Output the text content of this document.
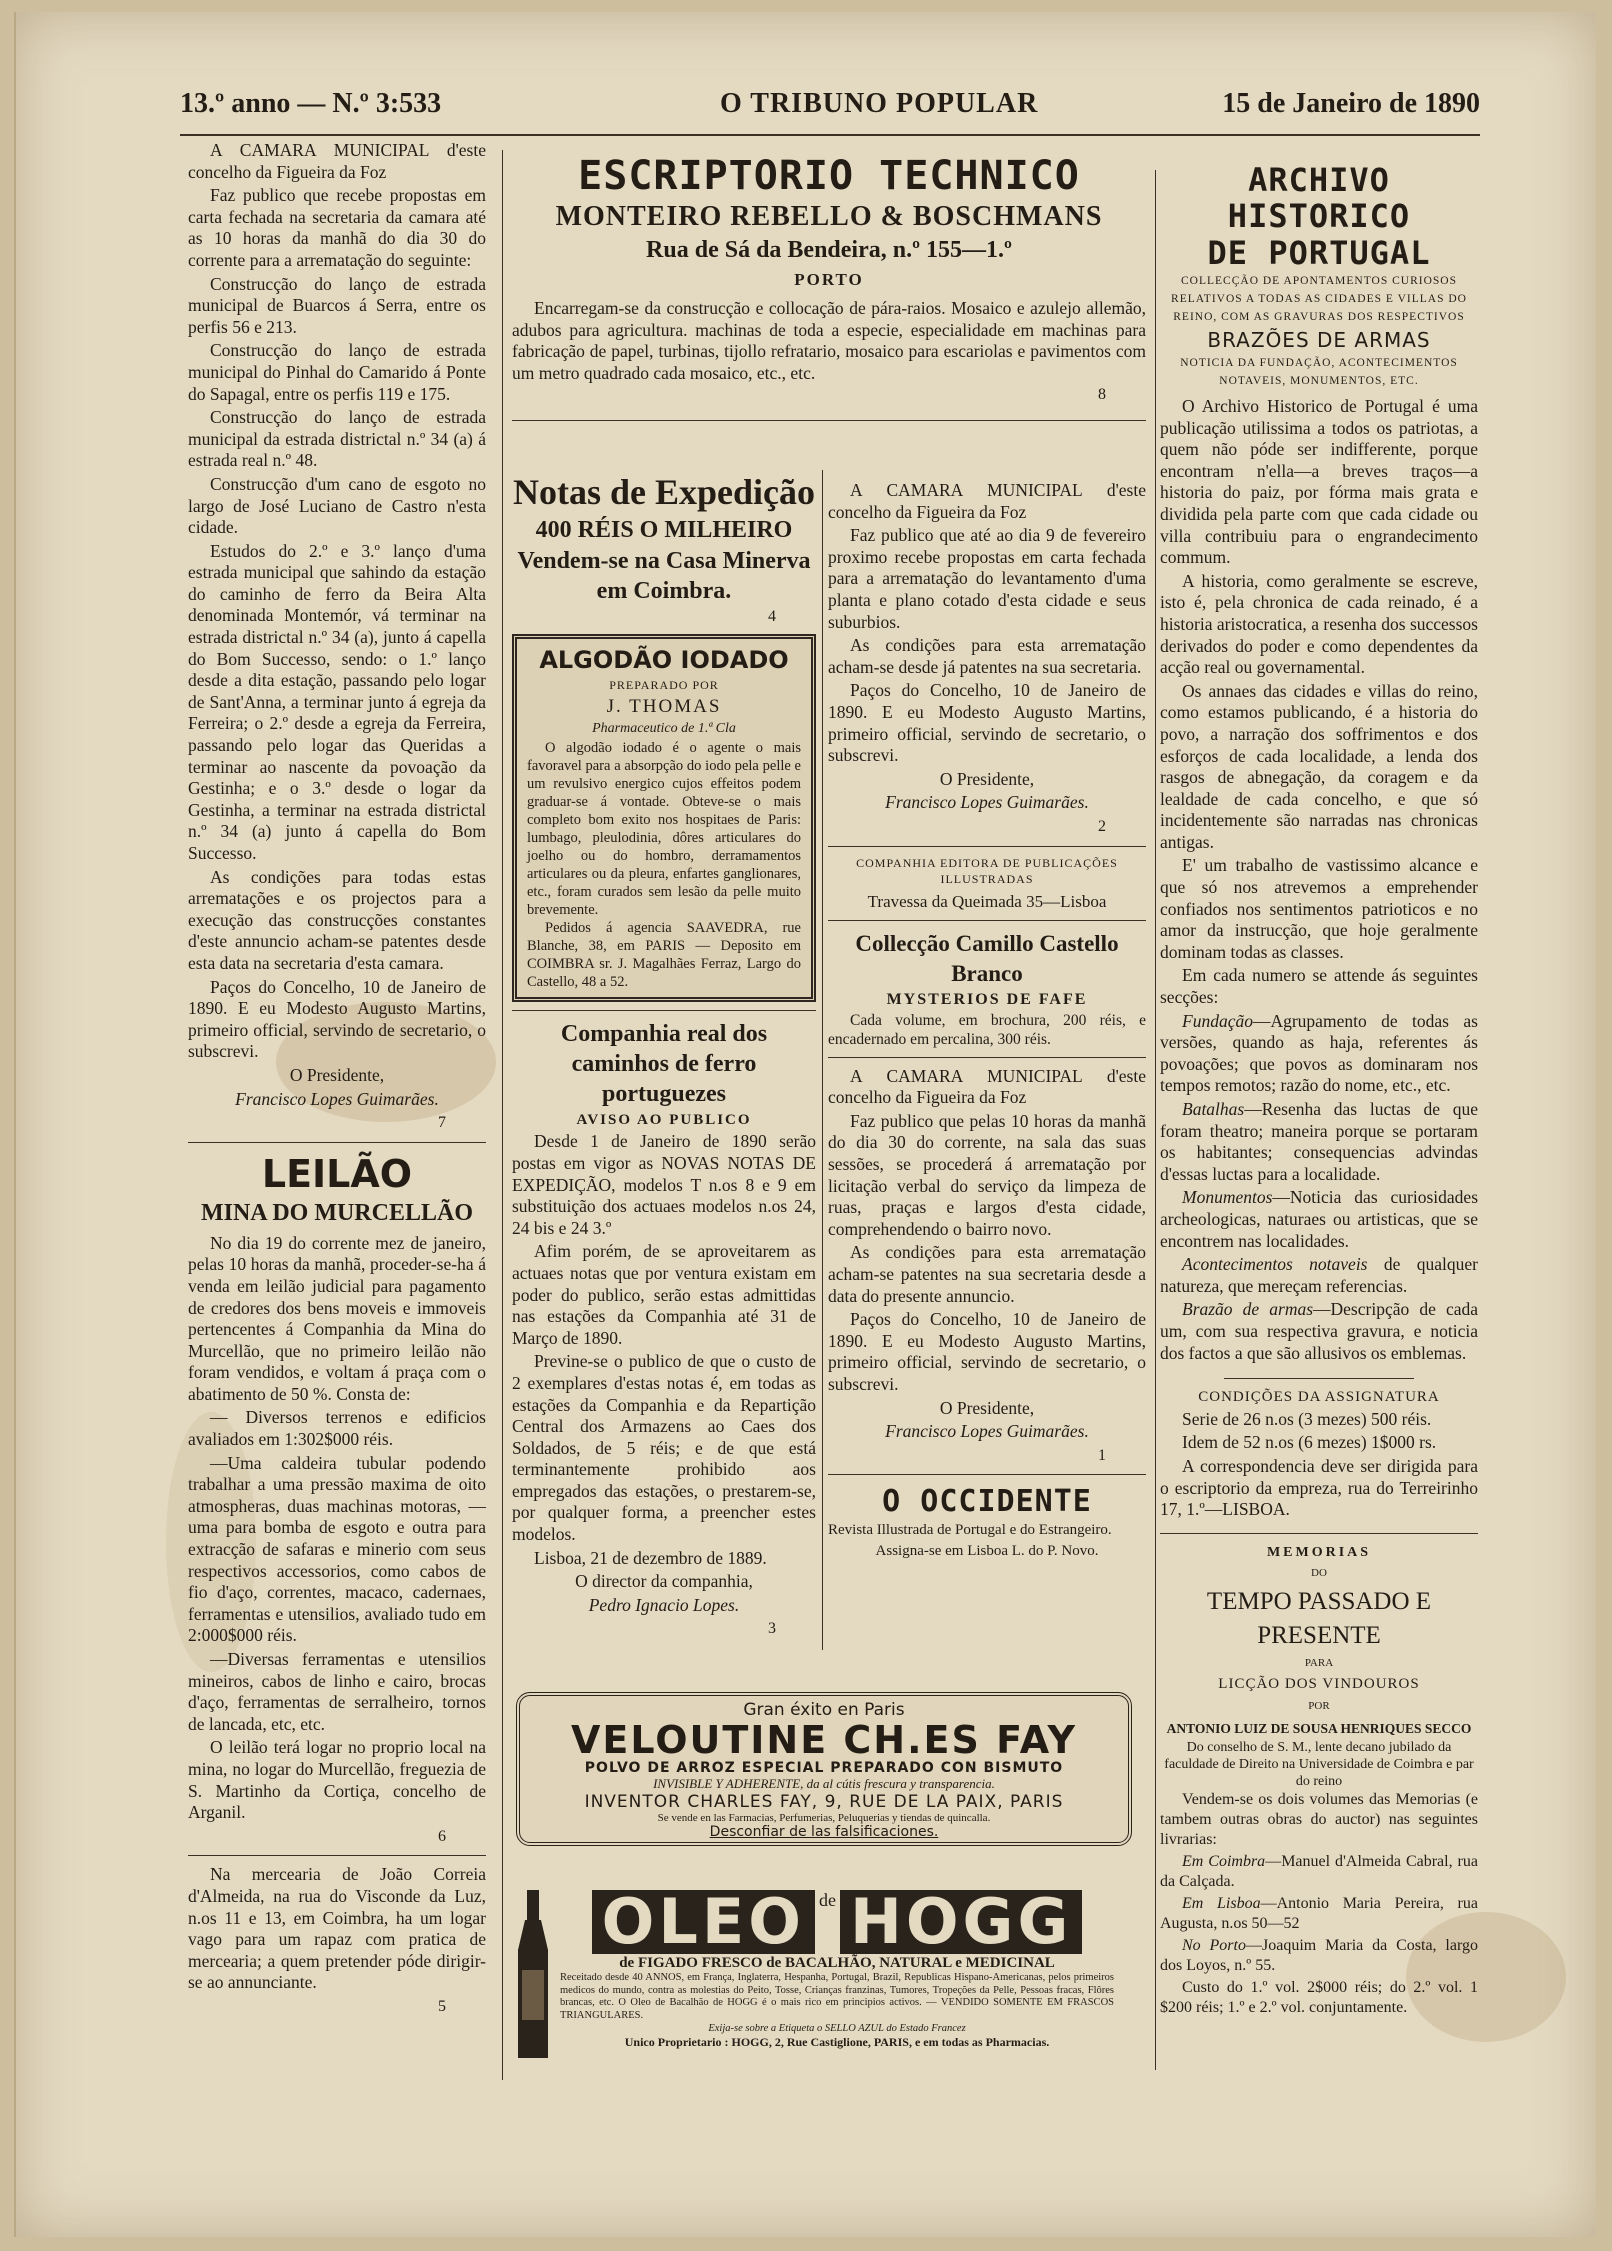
13.º anno — N.º 3:533	O TRIBUNO POPULAR	15 de Janeiro de 1890

A CAMARA MUNICIPAL d'este concelho da Figueira da Foz

Faz publico que recebe propostas em carta fechada na secretaria da camara até as 10 horas da manhã do dia 30 do corrente para a arrematação do seguinte:

Construcção do lanço de estrada municipal de Buarcos á Serra, entre os perfis 56 e 213.

Construcção do lanço de estrada municipal do Pinhal do Camarido á Ponte do Sapagal, entre os perfis 119 e 175.

Construcção do lanço de estrada municipal da estrada districtal n.º 34 (a) á estrada real n.º 48.

Construcção d'um cano de esgoto no largo de José Luciano de Castro n'esta cidade.

Estudos do 2.º e 3.º lanço d'uma estrada municipal que sahindo da estação do caminho de ferro da Beira Alta denominada Montemór, vá terminar na estrada districtal n.º 34 (a), junto á capella do Bom Successo, sendo: o 1.º lanço desde a dita estação, passando pelo logar de Sant'Anna, a terminar junto á egreja da Ferreira; o 2.º desde a egreja da Ferreira, passando pelo logar das Queridas a terminar ao nascente da povoação da Gestinha; e o 3.º desde o logar da Gestinha, a terminar na estrada districtal n.º 34 (a) junto á capella do Bom Successo.

As condições para todas estas arrematações e os projectos para a execução das construcções constantes d'este annuncio acham-se patentes desde esta data na secretaria d'esta camara.

Paços do Concelho, 10 de Janeiro de 1890. E eu Modesto Augusto Martins, primeiro official, servindo de secretario, o subscrevi.

O Presidente,

Francisco Lopes Guimarães.

7
LEILÃO
MINA DO MURCELLÃO

No dia 19 do corrente mez de janeiro, pelas 10 horas da manhã, proceder-se-ha á venda em leilão judicial para pagamento de credores dos bens moveis e immoveis pertencentes á Companhia da Mina do Murcellão, que no primeiro leilão não foram vendidos, e voltam á praça com o abatimento de 50 %. Consta de:

— Diversos terrenos e edificios avaliados em 1:302$000 réis.

—Uma caldeira tubular podendo trabalhar a uma pressão maxima de oito atmospheras, duas machinas motoras, —uma para bomba de esgoto e outra para extracção de safaras e minerio com seus respectivos accessorios, como cabos de fio d'aço, correntes, macaco, cadernaes, ferramentas e utensilios, avaliado tudo em 2:000$000 réis.

—Diversas ferramentas e utensilios mineiros, cabos de linho e cairo, brocas d'aço, ferramentas de serralheiro, tornos de lancada, etc, etc.

O leilão terá logar no proprio local na mina, no logar do Murcellão, freguezia de S. Martinho da Cortiça, concelho de Arganil.

6

Na mercearia de João Correia d'Almeida, na rua do Visconde da Luz, n.os 11 e 13, em Coimbra, ha um logar vago para um rapaz com pratica de mercearia; a quem pretender póde dirigir-se ao annunciante.

5
ESCRIPTORIO TECHNICO
MONTEIRO REBELLO & BOSCHMANS
Rua de Sá da Bendeira, n.º 155—1.º
PORTO

Encarregam-se da construcção e collocação de pára-raios. Mosaico e azulejo allemão, adubos para agricultura. machinas de toda a especie, especialidade em machinas para fabricação de papel, turbinas, tijollo refratario, mosaico para escariolas e pavimentos com um metro quadrado cada mosaico, etc., etc.

8
Notas de Expedição
400 RÉIS O MILHEIRO
Vendem-se na Casa Minerva em Coimbra.
4
ALGODÃO IODADO
PREPARADO POR
J. THOMAS
Pharmaceutico de 1.ª Cla
O algodão iodado é o agente o mais favoravel para a absorpção do iodo pela pelle e um revulsivo energico cujos effeitos podem graduar-se á vontade. Obteve-se o mais completo bom exito nos hospitaes de Paris: lumbago, pleulodinia, dôres articulares do joelho ou do hombro, derramamentos articulares ou da pleura, enfartes ganglionares, etc., foram curados sem lesão da pelle muito brevemente.
Pedidos á agencia SAAVEDRA, rue Blanche, 38, em PARIS — Deposito em COIMBRA sr. J. Magalhães Ferraz, Largo do Castello, 48 a 52.
Companhia real dos caminhos de ferro portuguezes
AVISO AO PUBLICO

Desde 1 de Janeiro de 1890 serão postas em vigor as NOVAS NOTAS DE EXPEDIÇÃO, modelos T n.os 8 e 9 em substituição dos actuaes modelos n.os 24, 24 bis e 24 3.º

Afim porém, de se aproveitarem as actuaes notas que por ventura existam em poder do publico, serão estas admittidas nas estações da Companhia até 31 de Março de 1890.

Previne-se o publico de que o custo de 2 exemplares d'estas notas é, em todas as estações da Companhia e da Repartição Central dos Armazens ao Caes dos Soldados, de 5 réis; e de que está terminantemente prohibido aos empregados das estações, o prestarem-se, por qualquer forma, a preencher estes modelos.

Lisboa, 21 de dezembro de 1889.

O director da companhia,

Pedro Ignacio Lopes.

3

A CAMARA MUNICIPAL d'este concelho da Figueira da Foz

Faz publico que até ao dia 9 de fevereiro proximo recebe propostas em carta fechada para a arrematação do levantamento d'uma planta e plano cotado d'esta cidade e seus suburbios.

As condições para esta arrematação acham-se desde já patentes na sua secretaria.

Paços do Concelho, 10 de Janeiro de 1890. E eu Modesto Augusto Martins, primeiro official, servindo de secretario, o subscrevi.

O Presidente,

Francisco Lopes Guimarães.

2
COMPANHIA EDITORA DE PUBLICAÇÕES ILLUSTRADAS
Travessa da Queimada 35—Lisboa
Collecção Camillo Castello Branco
MYSTERIOS DE FAFE

Cada volume, em brochura, 200 réis, e encadernado em percalina, 300 réis.

A CAMARA MUNICIPAL d'este concelho da Figueira da Foz

Faz publico que pelas 10 horas da manhã do dia 30 do corrente, na sala das suas sessões, se procederá á arrematação por licitação verbal do serviço da limpeza de ruas, praças e largos d'esta cidade, comprehendendo o bairro novo.

As condições para esta arrematação acham-se patentes na sua secretaria desde a data do presente annuncio.

Paços do Concelho, 10 de Janeiro de 1890. E eu Modesto Augusto Martins, primeiro official, servindo de secretario, o subscrevi.

O Presidente,

Francisco Lopes Guimarães.

1
O OCCIDENTE

Revista Illustrada de Portugal e do Estrangeiro.

Assigna-se em Lisboa L. do P. Novo.

Gran éxito en Paris
VELOUTINE CH.ES FAY
POLVO DE ARROZ ESPECIAL PREPARADO CON BISMUTO
INVISIBLE Y ADHERENTE, da al cútis frescura y transparencia.
INVENTOR CHARLES FAY, 9, RUE DE LA PAIX, PARIS
Se vende en las Farmacias, Perfumerias, Peluquerias y tiendas de quincalla.
Desconfiar de las falsificaciones.
OLEO de HOGG
de FIGADO FRESCO de BACALHÃO, NATURAL e MEDICINAL
Receitado desde 40 ANNOS, em França, Inglaterra, Hespanha, Portugal, Brazil, Republicas Hispano-Americanas, pelos primeiros medicos do mundo, contra as molestias do Peito, Tosse, Crianças franzinas, Tumores, Tropeções da Pelle, Pessoas fracas, Flôres brancas, etc. O Oleo de Bacalhão de HOGG é o mais rico em principios activos. — VENDIDO SOMENTE EM FRASCOS TRIANGULARES.
Exija-se sobre a Etiqueta o SELLO AZUL do Estado Francez
Unico Proprietario : HOGG, 2, Rue Castiglione, PARIS, e em todas as Pharmacias.
ARCHIVO HISTORICO
DE PORTUGAL
COLLECÇÃO DE APONTAMENTOS CURIOSOS RELATIVOS A TODAS AS CIDADES E VILLAS DO REINO, COM AS GRAVURAS DOS RESPECTIVOS
BRAZÕES DE ARMAS
NOTICIA DA FUNDAÇÃO, ACONTECIMENTOS NOTAVEIS, MONUMENTOS, ETC.

O Archivo Historico de Portugal é uma publicação utilissima a todos os patriotas, a quem não póde ser indifferente, porque encontram n'ella—a breves traços—a historia do paiz, por fórma mais grata e dividida pela parte com que cada cidade ou villa contribuiu para o engrandecimento commum.

A historia, como geralmente se escreve, isto é, pela chronica de cada reinado, é a historia aristocratica, a resenha dos successos derivados do poder e como dependentes da acção real ou governamental.

Os annaes das cidades e villas do reino, como estamos publicando, é a historia do povo, a narração dos soffrimentos e dos esforços de cada localidade, a lenda dos rasgos de abnegação, da coragem e da lealdade de cada concelho, e que só incidentemente são narradas nas chronicas antigas.

E' um trabalho de vastissimo alcance e que só nos atrevemos a emprehender confiados nos sentimentos patrioticos e no amor da instrucção, que hoje geralmente dominam todas as classes.

Em cada numero se attende ás seguintes secções:

Fundação—Agrupamento de todas as versões, quando as haja, referentes ás povoações; que povos as dominaram nos tempos remotos; razão do nome, etc., etc.

Batalhas—Resenha das luctas de que foram theatro; maneira porque se portaram os habitantes; consequencias advindas d'essas luctas para a localidade.

Monumentos—Noticia das curiosidades archeologicas, naturaes ou artisticas, que se encontrem nas localidades.

Acontecimentos notaveis de qualquer natureza, que mereçam referencias.

Brazão de armas—Descripção de cada um, com sua respectiva gravura, e noticia dos factos a que são allusivos os emblemas.

CONDIÇÕES DA ASSIGNATURA

Serie de 26 n.os (3 mezes) 500 réis.

Idem de 52 n.os (6 mezes) 1$000 rs.

A correspondencia deve ser dirigida para o escriptorio da empreza, rua do Terreirinho 17, 1.º—LISBOA.

MEMORIAS
DO
TEMPO PASSADO E PRESENTE
PARA
LICÇÃO DOS VINDOUROS
POR
ANTONIO LUIZ DE SOUSA HENRIQUES SECCO
Do conselho de S. M., lente decano jubilado da faculdade de Direito na Universidade de Coimbra e par do reino

Vendem-se os dois volumes das Memorias (e tambem outras obras do auctor) nas seguintes livrarias:

Em Coimbra—Manuel d'Almeida Cabral, rua da Calçada.

Em Lisboa—Antonio Maria Pereira, rua Augusta, n.os 50—52

No Porto—Joaquim Maria da Costa, largo dos Loyos, n.º 55.

Custo do 1.º vol. 2$000 réis; do 2.º vol. 1 $200 réis; 1.º e 2.º vol. conjuntamente.
